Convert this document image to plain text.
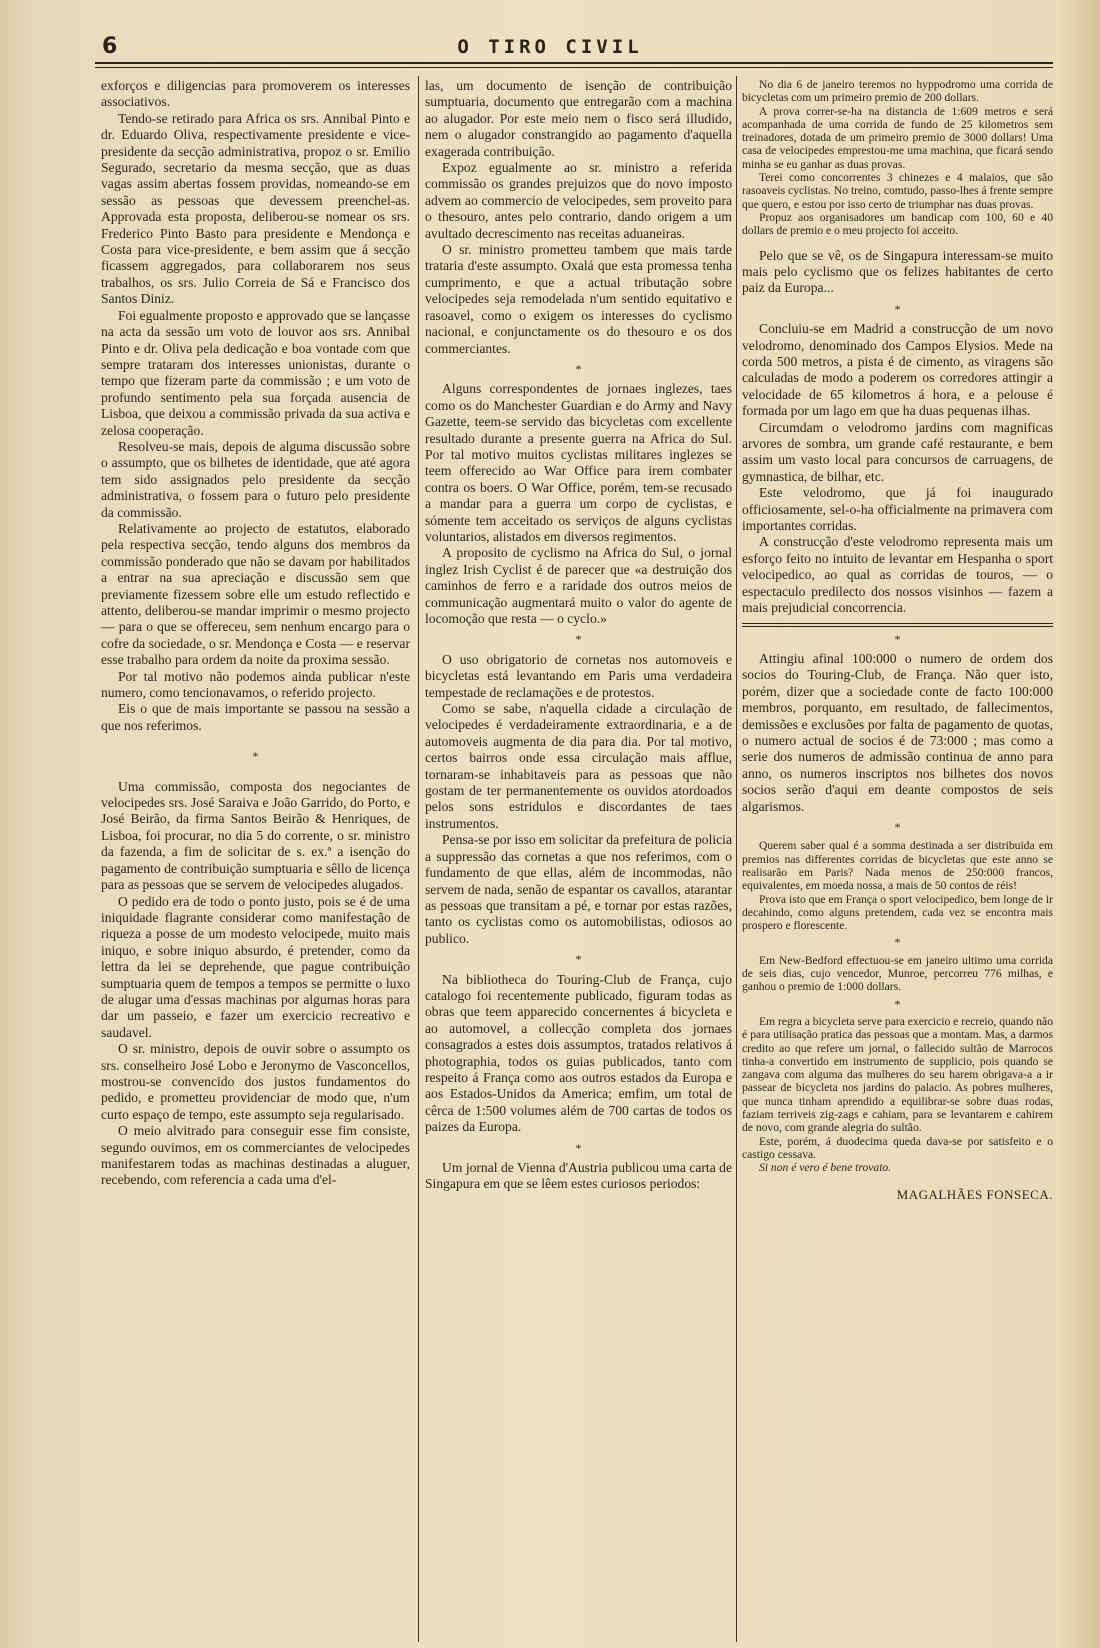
6	O TIRO CIVIL

exforços e diligencias para promoverem os interesses associativos.

Tendo-se retirado para Africa os srs. Annibal Pinto e dr. Eduardo Oliva, respectivamente presidente e vice-presidente da secção administrativa, propoz o sr. Emilio Segurado, secretario da mesma secção, que as duas vagas assim abertas fossem providas, nomeando-se em sessão as pessoas que devessem preenchel-as. Approvada esta proposta, deliberou-se nomear os srs. Frederico Pinto Basto para presidente e Mendonça e Costa para vice-presidente, e bem assim que á secção ficassem aggregados, para collaborarem nos seus trabalhos, os srs. Julio Correia de Sá e Francisco dos Santos Diniz.

Foi egualmente proposto e approvado que se lançasse na acta da sessão um voto de louvor aos srs. Annibal Pinto e dr. Oliva pela dedicação e boa vontade com que sempre trataram dos interesses unionistas, durante o tempo que fizeram parte da commissão ; e um voto de profundo sentimento pela sua forçada ausencia de Lisboa, que deixou a commissão privada da sua activa e zelosa cooperação.

Resolveu-se mais, depois de alguma discussão sobre o assumpto, que os bilhetes de identidade, que até agora tem sido assignados pelo presidente da secção administrativa, o fossem para o futuro pelo presidente da commissão.

Relativamente ao projecto de estatutos, elaborado pela respectiva secção, tendo alguns dos membros da commissão ponderado que não se davam por habilitados a entrar na sua apreciação e discussão sem que previamente fizessem sobre elle um estudo reflectido e attento, deliberou-se mandar imprimir o mesmo projecto — para o que se offereceu, sem nenhum encargo para o cofre da sociedade, o sr. Mendonça e Costa — e reservar esse trabalho para ordem da noite da proxima sessão.

Por tal motivo não podemos ainda publicar n'este numero, como tencionavamos, o referido projecto.

Eis o que de mais importante se passou na sessão a que nos referimos.

*

Uma commissão, composta dos negociantes de velocipedes srs. José Saraiva e João Garrido, do Porto, e José Beirão, da firma Santos Beirão & Henriques, de Lisboa, foi procurar, no dia 5 do corrente, o sr. ministro da fazenda, a fim de solicitar de s. ex.ª a isenção do pagamento de contribuição sumptuaria e sêllo de licença para as pessoas que se servem de velocipedes alugados.

O pedido era de todo o ponto justo, pois se é de uma iniquidade flagrante considerar como manifestação de riqueza a posse de um modesto velocipede, muito mais iniquo, e sobre iniquo absurdo, é pretender, como da lettra da lei se deprehende, que pague contribuição sumptuaria quem de tempos a tempos se permitte o luxo de alugar uma d'essas machinas por algumas horas para dar um passeio, e fazer um exercicio recreativo e saudavel.

O sr. ministro, depois de ouvir sobre o assumpto os srs. conselheiro José Lobo e Jeronymo de Vasconcellos, mostrou-se convencido dos justos fundamentos do pedido, e prometteu providenciar de modo que, n'um curto espaço de tempo, este assumpto seja regularisado.

O meio alvitrado para conseguir esse fim consiste, segundo ouvimos, em os commerciantes de velocipedes manifestarem todas as machinas destinadas a aluguer, recebendo, com referencia a cada uma d'el-

las, um documento de isenção de contribuição sumptuaria, documento que entregarão com a machina ao alugador. Por este meio nem o fisco será illudido, nem o alugador constrangido ao pagamento d'aquella exagerada contribuição.

Expoz egualmente ao sr. ministro a referida commissão os grandes prejuizos que do novo imposto advem ao commercio de velocipedes, sem proveito para o thesouro, antes pelo contrario, dando origem a um avultado decrescimento nas receitas aduaneiras.

O sr. ministro prometteu tambem que mais tarde trataria d'este assumpto. Oxalá que esta promessa tenha cumprimento, e que a actual tributação sobre velocipedes seja remodelada n'um sentido equitativo e rasoavel, como o exigem os interesses do cyclismo nacional, e conjunctamente os do thesouro e os dos commerciantes.

*

Alguns correspondentes de jornaes inglezes, taes como os do Manchester Guardian e do Army and Navy Gazette, teem-se servido das bicycletas com excellente resultado durante a presente guerra na Africa do Sul. Por tal motivo muitos cyclistas militares inglezes se teem offerecido ao War Office para irem combater contra os boers. O War Office, porém, tem-se recusado a mandar para a guerra um corpo de cyclistas, e sómente tem acceitado os serviços de alguns cyclistas voluntarios, alistados em diversos regimentos.

A proposito de cyclismo na Africa do Sul, o jornal inglez Irish Cyclist é de parecer que «a destruição dos caminhos de ferro e a raridade dos outros meios de communicação augmentará muito o valor do agente de locomoção que resta — o cyclo.»

*

O uso obrigatorio de cornetas nos automoveis e bicycletas está levantando em Paris uma verdadeira tempestade de reclamações e de protestos.

Como se sabe, n'aquella cidade a circulação de velocipedes é verdadeiramente extraordinaria, e a de automoveis augmenta de dia para dia. Por tal motivo, certos bairros onde essa circulação mais afflue, tornaram-se inhabitaveis para as pessoas que não gostam de ter permanentemente os ouvidos atordoados pelos sons estridulos e discordantes de taes instrumentos.

Pensa-se por isso em solicitar da prefeitura de policia a suppressão das cornetas a que nos referimos, com o fundamento de que ellas, além de incommodas, não servem de nada, senão de espantar os cavallos, atarantar as pessoas que transitam a pé, e tornar por estas razões, tanto os cyclistas como os automobilistas, odiosos ao publico.

*

Na bibliotheca do Touring-Club de França, cujo catalogo foi recentemente publicado, figuram todas as obras que teem apparecido concernentes á bicycleta e ao automovel, a collecção completa dos jornaes consagrados a estes dois assumptos, tratados relativos á photographia, todos os guias publicados, tanto com respeito á França como aos outros estados da Europa e aos Estados-Unidos da America; emfim, um total de cêrca de 1:500 volumes além de 700 cartas de todos os paizes da Europa.

*

Um jornal de Vienna d'Austria publicou uma carta de Singapura em que se lêem estes curiosos periodos:

No dia 6 de janeiro teremos no hyppodromo uma corrida de bicycletas com um primeiro premio de 200 dollars.

A prova correr-se-ha na distancia de 1:609 metros e será acompanhada de uma corrida de fundo de 25 kilometros sem treinadores, dotada de um primeiro premio de 3000 dollars! Uma casa de velocipedes emprestou-me uma machina, que ficará sendo minha se eu ganhar as duas provas.

Terei como concorrentes 3 chinezes e 4 malaios, que são rasoaveis cyclistas. No treino, comtudo, passo-lhes á frente sempre que quero, e estou por isso certo de triumphar nas duas provas.

Propuz aos organisadores um bandicap com 100, 60 e 40 dollars de premio e o meu projecto foi acceito.

Pelo que se vê, os de Singapura interessam-se muito mais pelo cyclismo que os felizes habitantes de certo paiz da Europa...

*

Concluiu-se em Madrid a construcção de um novo velodromo, denominado dos Campos Elysios. Mede na corda 500 metros, a pista é de cimento, as viragens são calculadas de modo a poderem os corredores attingir a velocidade de 65 kilometros á hora, e a pelouse é formada por um lago em que ha duas pequenas ilhas.

Circumdam o velodromo jardins com magnificas arvores de sombra, um grande café restaurante, e bem assim um vasto local para concursos de carruagens, de gymnastica, de bilhar, etc.

Este velodromo, que já foi inaugurado officiosamente, sel-o-ha officialmente na primavera com importantes corridas.

A construcção d'este velodromo representa mais um esforço feito no intuito de levantar em Hespanha o sport velocipedico, ao qual as corridas de touros, — o espectaculo predilecto dos nossos visinhos — fazem a mais prejudicial concorrencia.

*

Attingiu afinal 100:000 o numero de ordem dos socios do Touring-Club, de França. Não quer isto, porém, dizer que a sociedade conte de facto 100:000 membros, porquanto, em resultado, de fallecimentos, demissões e exclusões por falta de pagamento de quotas, o numero actual de socios é de 73:000 ; mas como a serie dos numeros de admissão continua de anno para anno, os numeros inscriptos nos bilhetes dos novos socios serão d'aqui em deante compostos de seis algarismos.

*

Querem saber qual é a somma destinada a ser distribuida em premios nas differentes corridas de bicycletas que este anno se realisarão em Paris? Nada menos de 250:000 francos, equivalentes, em moeda nossa, a mais de 50 contos de réis!

Prova isto que em França o sport velocipedico, bem longe de ir decahindo, como alguns pretendem, cada vez se encontra mais prospero e florescente.

*

Em New-Bedford effectuou-se em janeiro ultimo uma corrida de seis dias, cujo vencedor, Munroe, percorreu 776 milhas, e ganhou o premio de 1:000 dollars.

*

Em regra a bicycleta serve para exercicio e recreio, quando não é para utilisação pratica das pessoas que a montam. Mas, a darmos credito ao que refere um jornal, o fallecido sultão de Marrocos tinha-a convertido em instrumento de supplicio, pois quando se zangava com alguma das mulheres do seu harem obrigava-a a ir passear de bicycleta nos jardins do palacio. As pobres mulheres, que nunca tinham aprendido a equilibrar-se sobre duas rodas, faziam terriveis zig-zags e cahiam, para se levantarem e cahirem de novo, com grande alegria do sultão.

Este, porém, á duodecima queda dava-se por satisfeito e o castigo cessava.

Si non é vero é bene trovato.

MAGALHÃES FONSECA.
